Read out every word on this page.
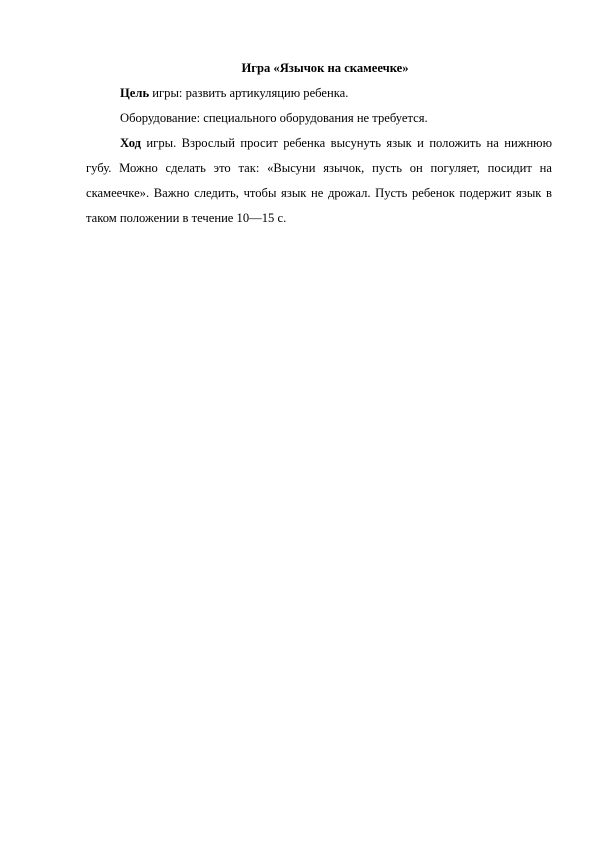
Игра «Язычок на скамеечке»

Цель игры: развить артикуляцию ребенка.

Оборудование: специального оборудования не требуется.

Ход игры. Взрослый просит ребенка высунуть язык и положить на нижнюю губу. Можно сделать это так: «Высуни язычок, пусть он погуляет, посидит на скамеечке». Важно следить, чтобы язык не дрожал. Пусть ребенок подержит язык в таком положении в течение 10—15 с.
